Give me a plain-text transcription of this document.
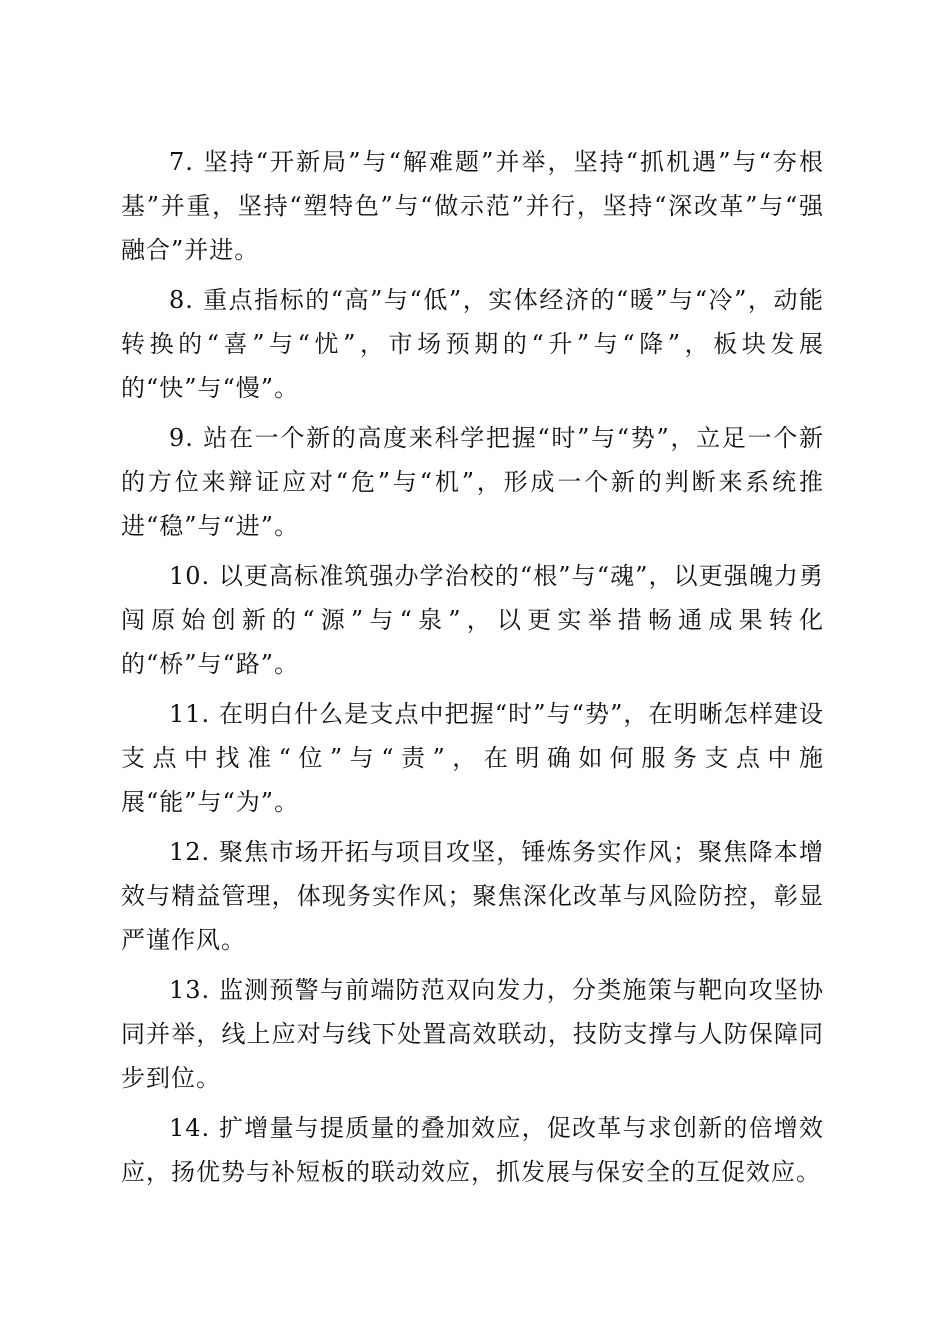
7. 坚持“开新局”与“解难题”并举，坚持“抓机遇”与“夯根基”并重，坚持“塑特色”与“做示范”并行，坚持“深改革”与“强融合”并进。

8. 重点指标的“高”与“低”，实体经济的“暖”与“冷”，动能转换的“喜”与“忧”，市场预期的“升”与“降”，板块发展的“快”与“慢”。

9. 站在一个新的高度来科学把握“时”与“势”，立足一个新的方位来辩证应对“危”与“机”，形成一个新的判断来系统推进“稳”与“进”。

10. 以更高标准筑强办学治校的“根”与“魂”，以更强魄力勇闯原始创新的“源”与“泉”，以更实举措畅通成果转化的“桥”与“路”。

11. 在明白什么是支点中把握“时”与“势”，在明晰怎样建设支点中找准“位”与“责”，在明确如何服务支点中施展“能”与“为”。

12. 聚焦市场开拓与项目攻坚，锤炼务实作风；聚焦降本增效与精益管理，体现务实作风；聚焦深化改革与风险防控，彰显严谨作风。

13. 监测预警与前端防范双向发力，分类施策与靶向攻坚协同并举，线上应对与线下处置高效联动，技防支撑与人防保障同步到位。

14. 扩增量与提质量的叠加效应，促改革与求创新的倍增效应，扬优势与补短板的联动效应，抓发展与保安全的互促效应。
